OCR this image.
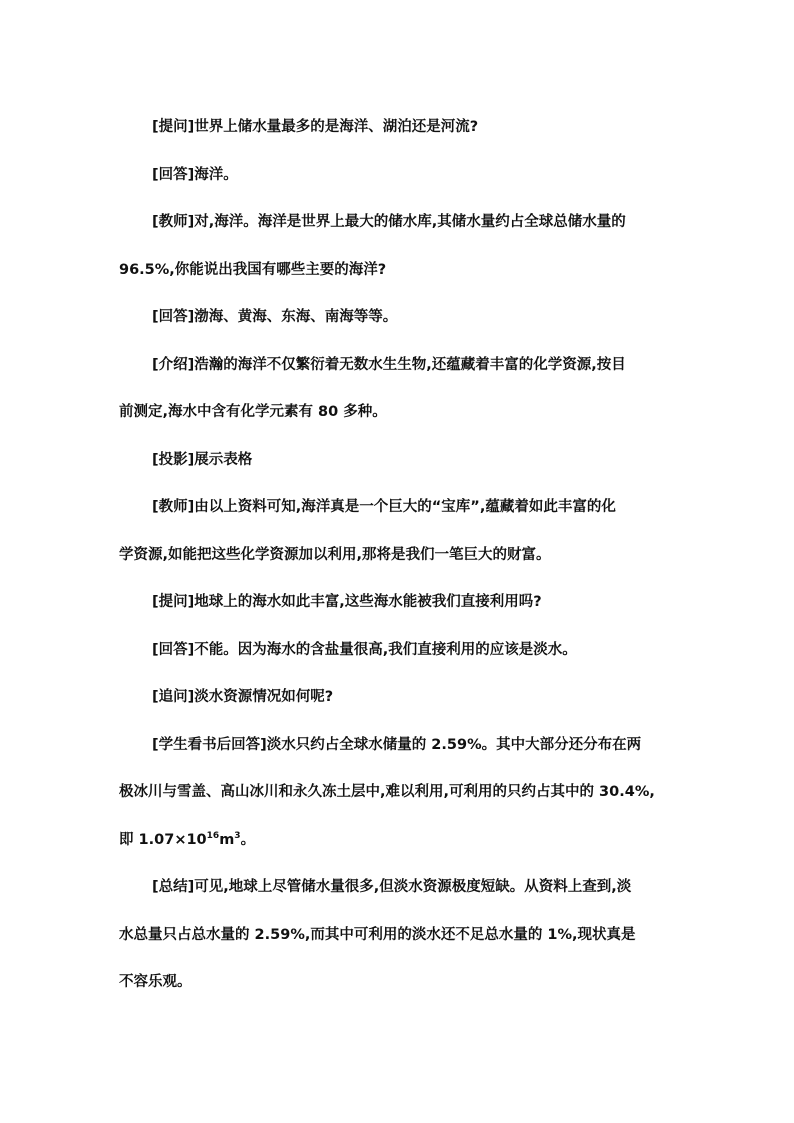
[提问]世界上储水量最多的是海洋、湖泊还是河流?
[回答]海洋。
[教师]对,海洋。海洋是世界上最大的储水库,其储水量约占全球总储水量的
96.5%,你能说出我国有哪些主要的海洋?
[回答]渤海、黄海、东海、南海等等。
[介绍]浩瀚的海洋不仅繁衍着无数水生生物,还蕴藏着丰富的化学资源,按目
前测定,海水中含有化学元素有 80 多种。
[投影]展示表格
[教师]由以上资料可知,海洋真是一个巨大的“宝库”,蕴藏着如此丰富的化
学资源,如能把这些化学资源加以利用,那将是我们一笔巨大的财富。
[提问]地球上的海水如此丰富,这些海水能被我们直接利用吗?
[回答]不能。因为海水的含盐量很高,我们直接利用的应该是淡水。
[追问]淡水资源情况如何呢?
[学生看书后回答]淡水只约占全球水储量的 2.59%。其中大部分还分布在两
极冰川与雪盖、高山冰川和永久冻土层中,难以利用,可利用的只约占其中的 30.4%,
即 $1.07\times 10^{16}m^3$。
[总结]可见,地球上尽管储水量很多,但淡水资源极度短缺。从资料上查到,淡
水总量只占总水量的 2.59%,而其中可利用的淡水还不足总水量的 1%,现状真是
不容乐观。
